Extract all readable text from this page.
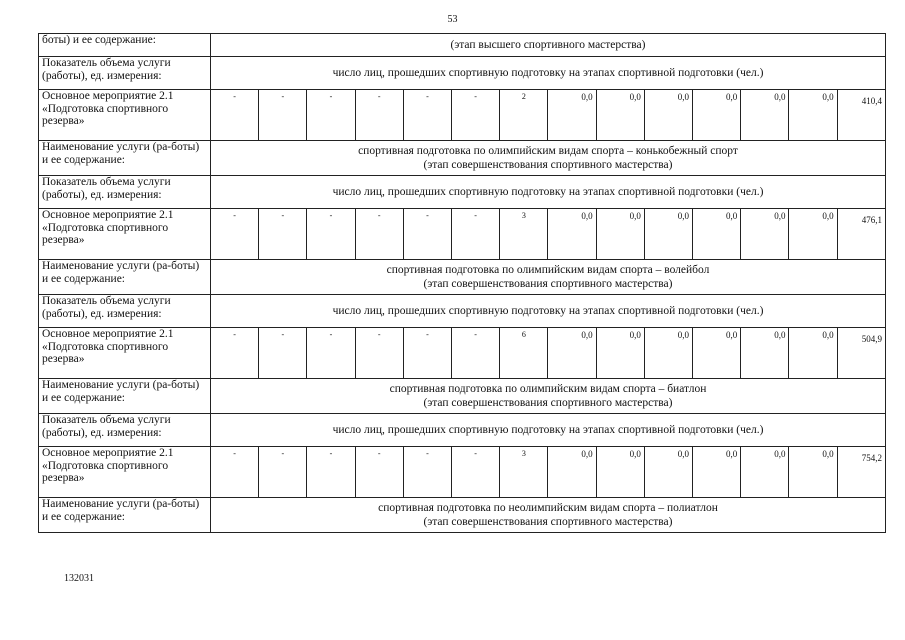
53
боты) и ее содержание:	(этап высшего спортивного мастерства)													
Показатель объема услуги (работы), ед. измерения:	число лиц, прошедших спортивную подготовку на этапах спортивной подготовки (чел.)													
Основное мероприятие 2.1 «Подготовка спортивного резерва»	-	-	-	-	-	-	2	0,0	0,0	0,0	0,0	0,0	0,0	410,4
Наименование услуги (ра-боты) и ее содержание:	спортивная подготовка по олимпийским видам спорта – конькобежный спорт
(этап совершенствования спортивного мастерства)													

Показатель объема услуги (работы), ед. измерения:	число лиц, прошедших спортивную подготовку на этапах спортивной подготовки (чел.)													
Основное мероприятие 2.1 «Подготовка спортивного резерва»	-	-	-	-	-	-	3	0,0	0,0	0,0	0,0	0,0	0,0	476,1
Наименование услуги (ра-боты) и ее содержание:	спортивная подготовка по олимпийским видам спорта – волейбол
(этап совершенствования спортивного мастерства)													

Показатель объема услуги (работы), ед. измерения:	число лиц, прошедших спортивную подготовку на этапах спортивной подготовки (чел.)													
Основное мероприятие 2.1 «Подготовка спортивного резерва»	-	-	-	-	-	-	6	0,0	0,0	0,0	0,0	0,0	0,0	504,9
Наименование услуги (ра-боты) и ее содержание:	спортивная подготовка по олимпийским видам спорта – биатлон
(этап совершенствования спортивного мастерства)													

Показатель объема услуги (работы), ед. измерения:	число лиц, прошедших спортивную подготовку на этапах спортивной подготовки (чел.)													
Основное мероприятие 2.1 «Подготовка спортивного резерва»	-	-	-	-	-	-	3	0,0	0,0	0,0	0,0	0,0	0,0	754,2
Наименование услуги (ра-боты) и ее содержание:	спортивная подготовка по неолимпийским видам спорта – полиатлон
(этап совершенствования спортивного мастерства)													
132031
